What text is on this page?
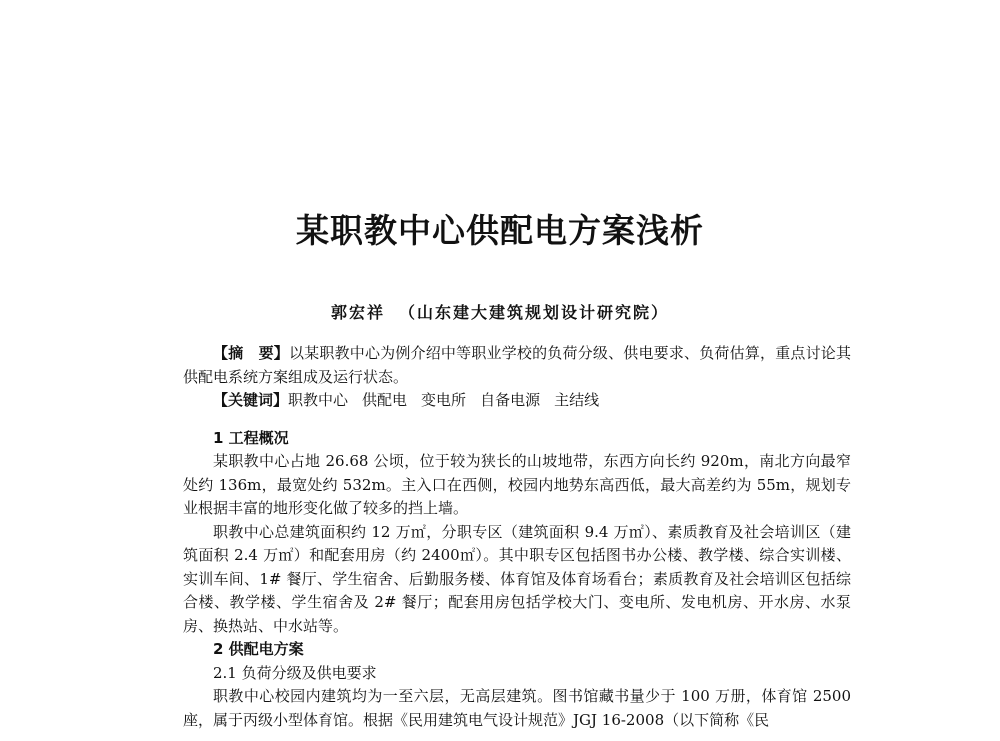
某职教中心供配电方案浅析
郭宏祥 （山东建大建筑规划设计研究院）

【摘　要】以某职教中心为例介绍中等职业学校的负荷分级、供电要求、负荷估算，重点讨论其供配电系统方案组成及运行状态。

【关键词】职教中心 供配电 变电所 自备电源 主结线

1 工程概况

某职教中心占地 26.68 公顷，位于较为狭长的山坡地带，东西方向长约 920m，南北方向最窄处约 136m，最宽处约 532m。主入口在西侧，校园内地势东高西低，最大高差约为 55m，规划专业根据丰富的地形变化做了较多的挡上墙。

职教中心总建筑面积约 12 万㎡，分职专区（建筑面积 9.4 万㎡）、素质教育及社会培训区（建筑面积 2.4 万㎡）和配套用房（约 2400㎡）。其中职专区包括图书办公楼、教学楼、综合实训楼、实训车间、1# 餐厅、学生宿舍、后勤服务楼、体育馆及体育场看台；素质教育及社会培训区包括综合楼、教学楼、学生宿舍及 2# 餐厅；配套用房包括学校大门、变电所、发电机房、开水房、水泵房、换热站、中水站等。

2 供配电方案

2.1 负荷分级及供电要求

职教中心校园内建筑均为一至六层，无高层建筑。图书馆藏书量少于 100 万册，体育馆 2500 座，属于丙级小型体育馆。根据《民用建筑电气设计规范》JGJ 16-2008（以下简称《民
